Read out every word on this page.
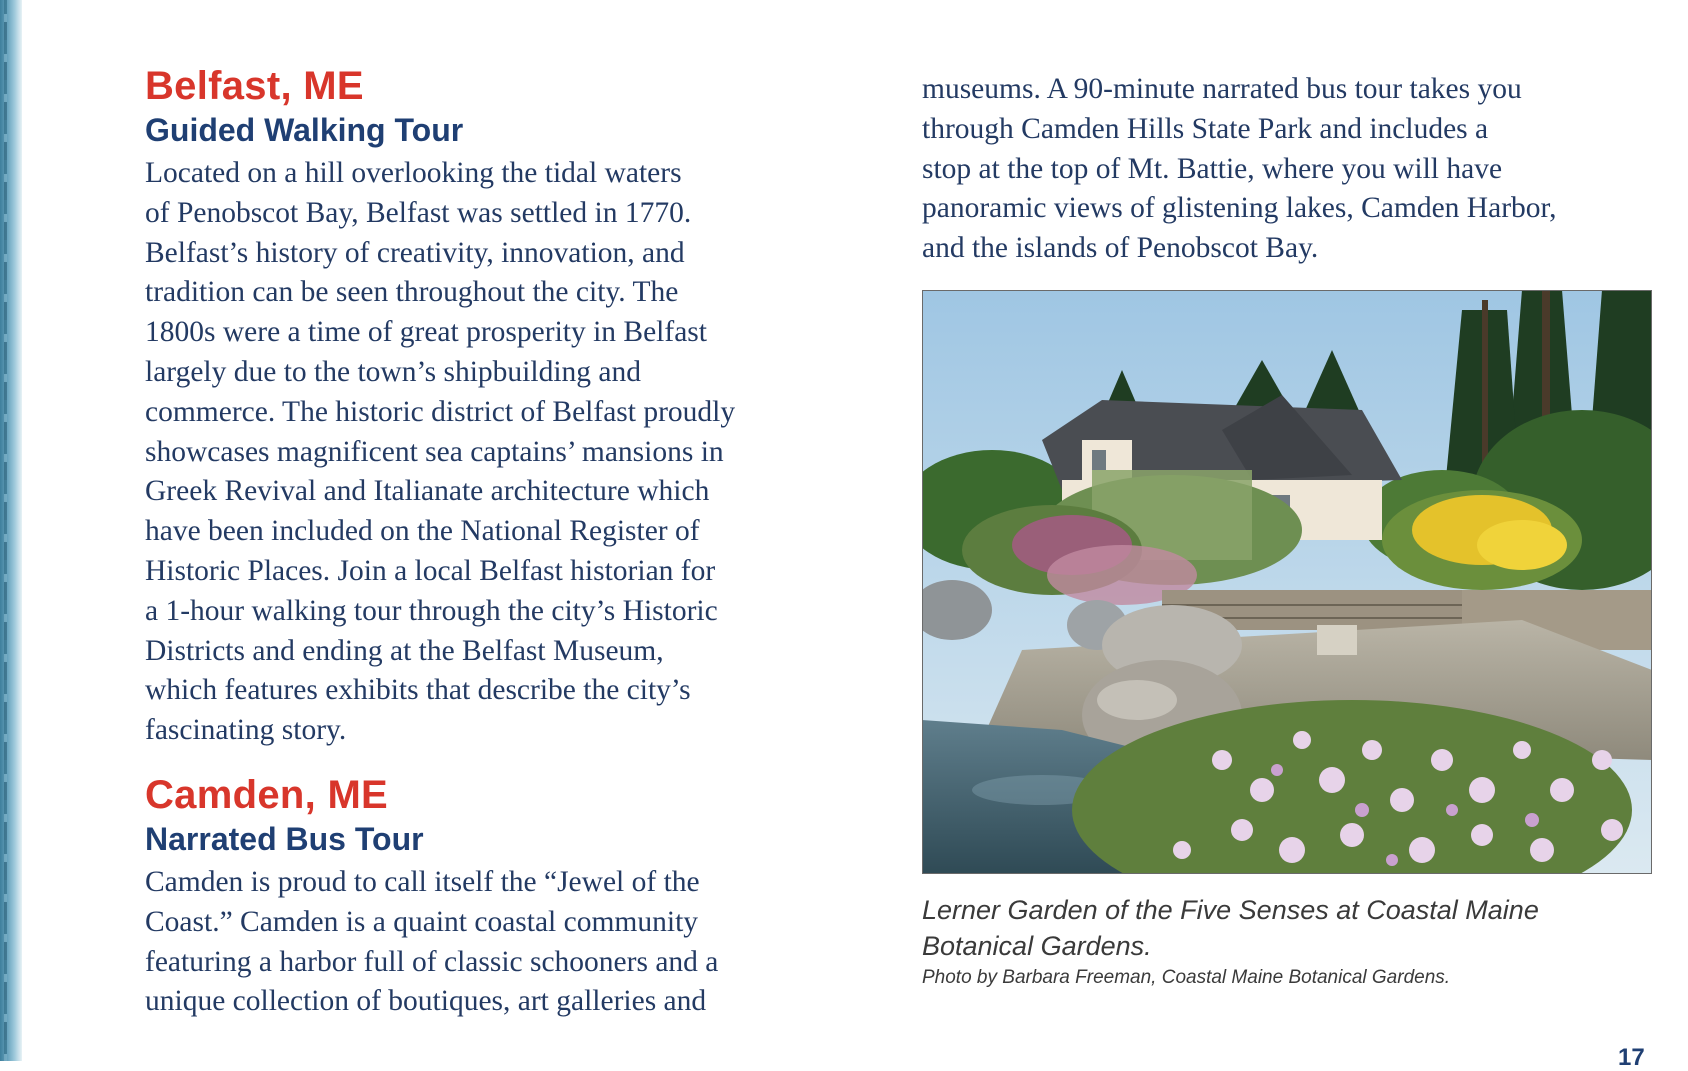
Belfast, ME
Guided Walking Tour
Located on a hill overlooking the tidal waters
of Penobscot Bay, Belfast was settled in 1770.
Belfast’s history of creativity, innovation, and
tradition can be seen throughout the city. The
1800s were a time of great prosperity in Belfast
largely due to the town’s shipbuilding and
commerce. The historic district of Belfast proudly
showcases magnificent sea captains’ mansions in
Greek Revival and Italianate architecture which
have been included on the National Register of
Historic Places. Join a local Belfast historian for
a 1-hour walking tour through the city’s Historic
Districts and ending at the Belfast Museum,
which features exhibits that describe the city’s
fascinating story.
Camden, ME
Narrated Bus Tour
Camden is proud to call itself the “Jewel of the
Coast.” Camden is a quaint coastal community
featuring a harbor full of classic schooners and a
unique collection of boutiques, art galleries and
museums. A 90-minute narrated bus tour takes you
through Camden Hills State Park and includes a
stop at the top of Mt. Battie, where you will have
panoramic views of glistening lakes, Camden Harbor,
and the islands of Penobscot Bay.
Lerner Garden of the Five Senses at Coastal Maine
Botanical Gardens.
Photo by Barbara Freeman, Coastal Maine Botanical Gardens.
17
